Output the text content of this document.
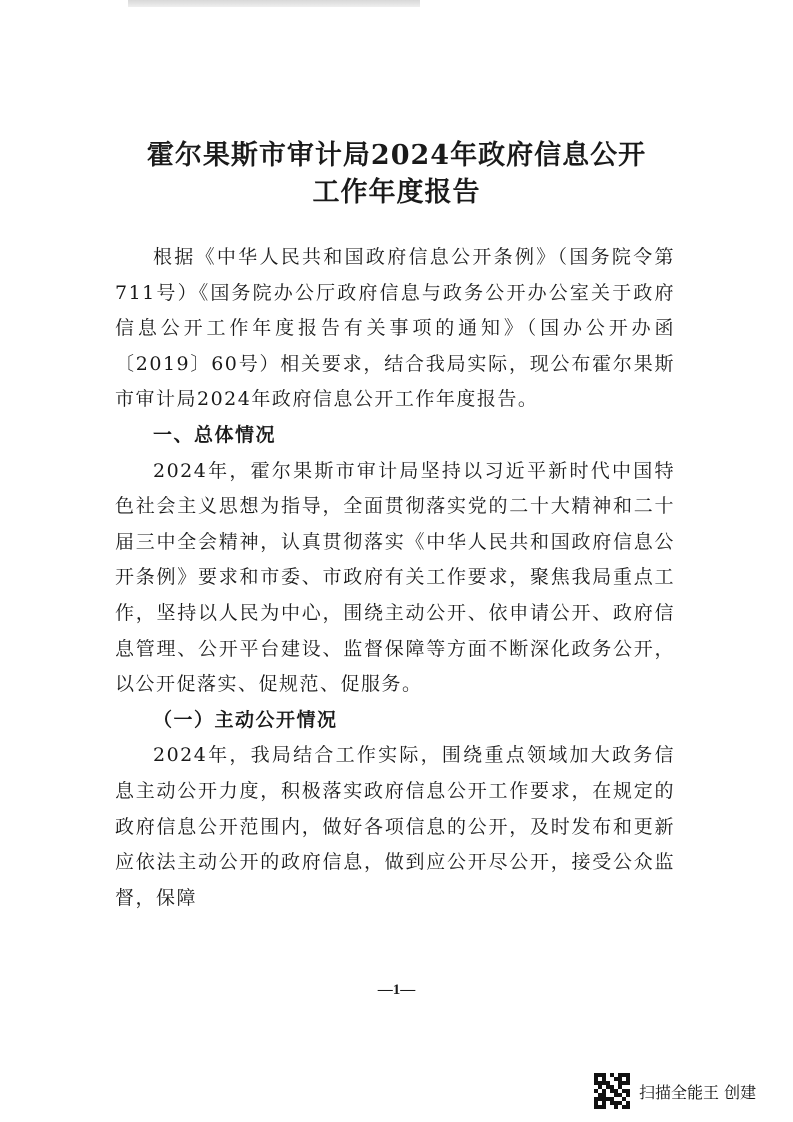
霍尔果斯市审计局2024年政府信息公开
工作年度报告

根据《中华人民共和国政府信息公开条例》（国务院令第711号）《国务院办公厅政府信息与政务公开办公室关于政府信息公开工作年度报告有关事项的通知》（国办公开办函〔2019〕60号）相关要求，结合我局实际，现公布霍尔果斯市审计局2024年政府信息公开工作年度报告。

一、总体情况

2024年，霍尔果斯市审计局坚持以习近平新时代中国特色社会主义思想为指导，全面贯彻落实党的二十大精神和二十届三中全会精神，认真贯彻落实《中华人民共和国政府信息公开条例》要求和市委、市政府有关工作要求，聚焦我局重点工作，坚持以人民为中心，围绕主动公开、依申请公开、政府信息管理、公开平台建设、监督保障等方面不断深化政务公开，以公开促落实、促规范、促服务。

（一）主动公开情况

2024年，我局结合工作实际，围绕重点领域加大政务信息主动公开力度，积极落实政府信息公开工作要求，在规定的政府信息公开范围内，做好各项信息的公开，及时发布和更新应依法主动公开的政府信息，做到应公开尽公开，接受公众监督，保障

—1—
扫描全能王 创建
